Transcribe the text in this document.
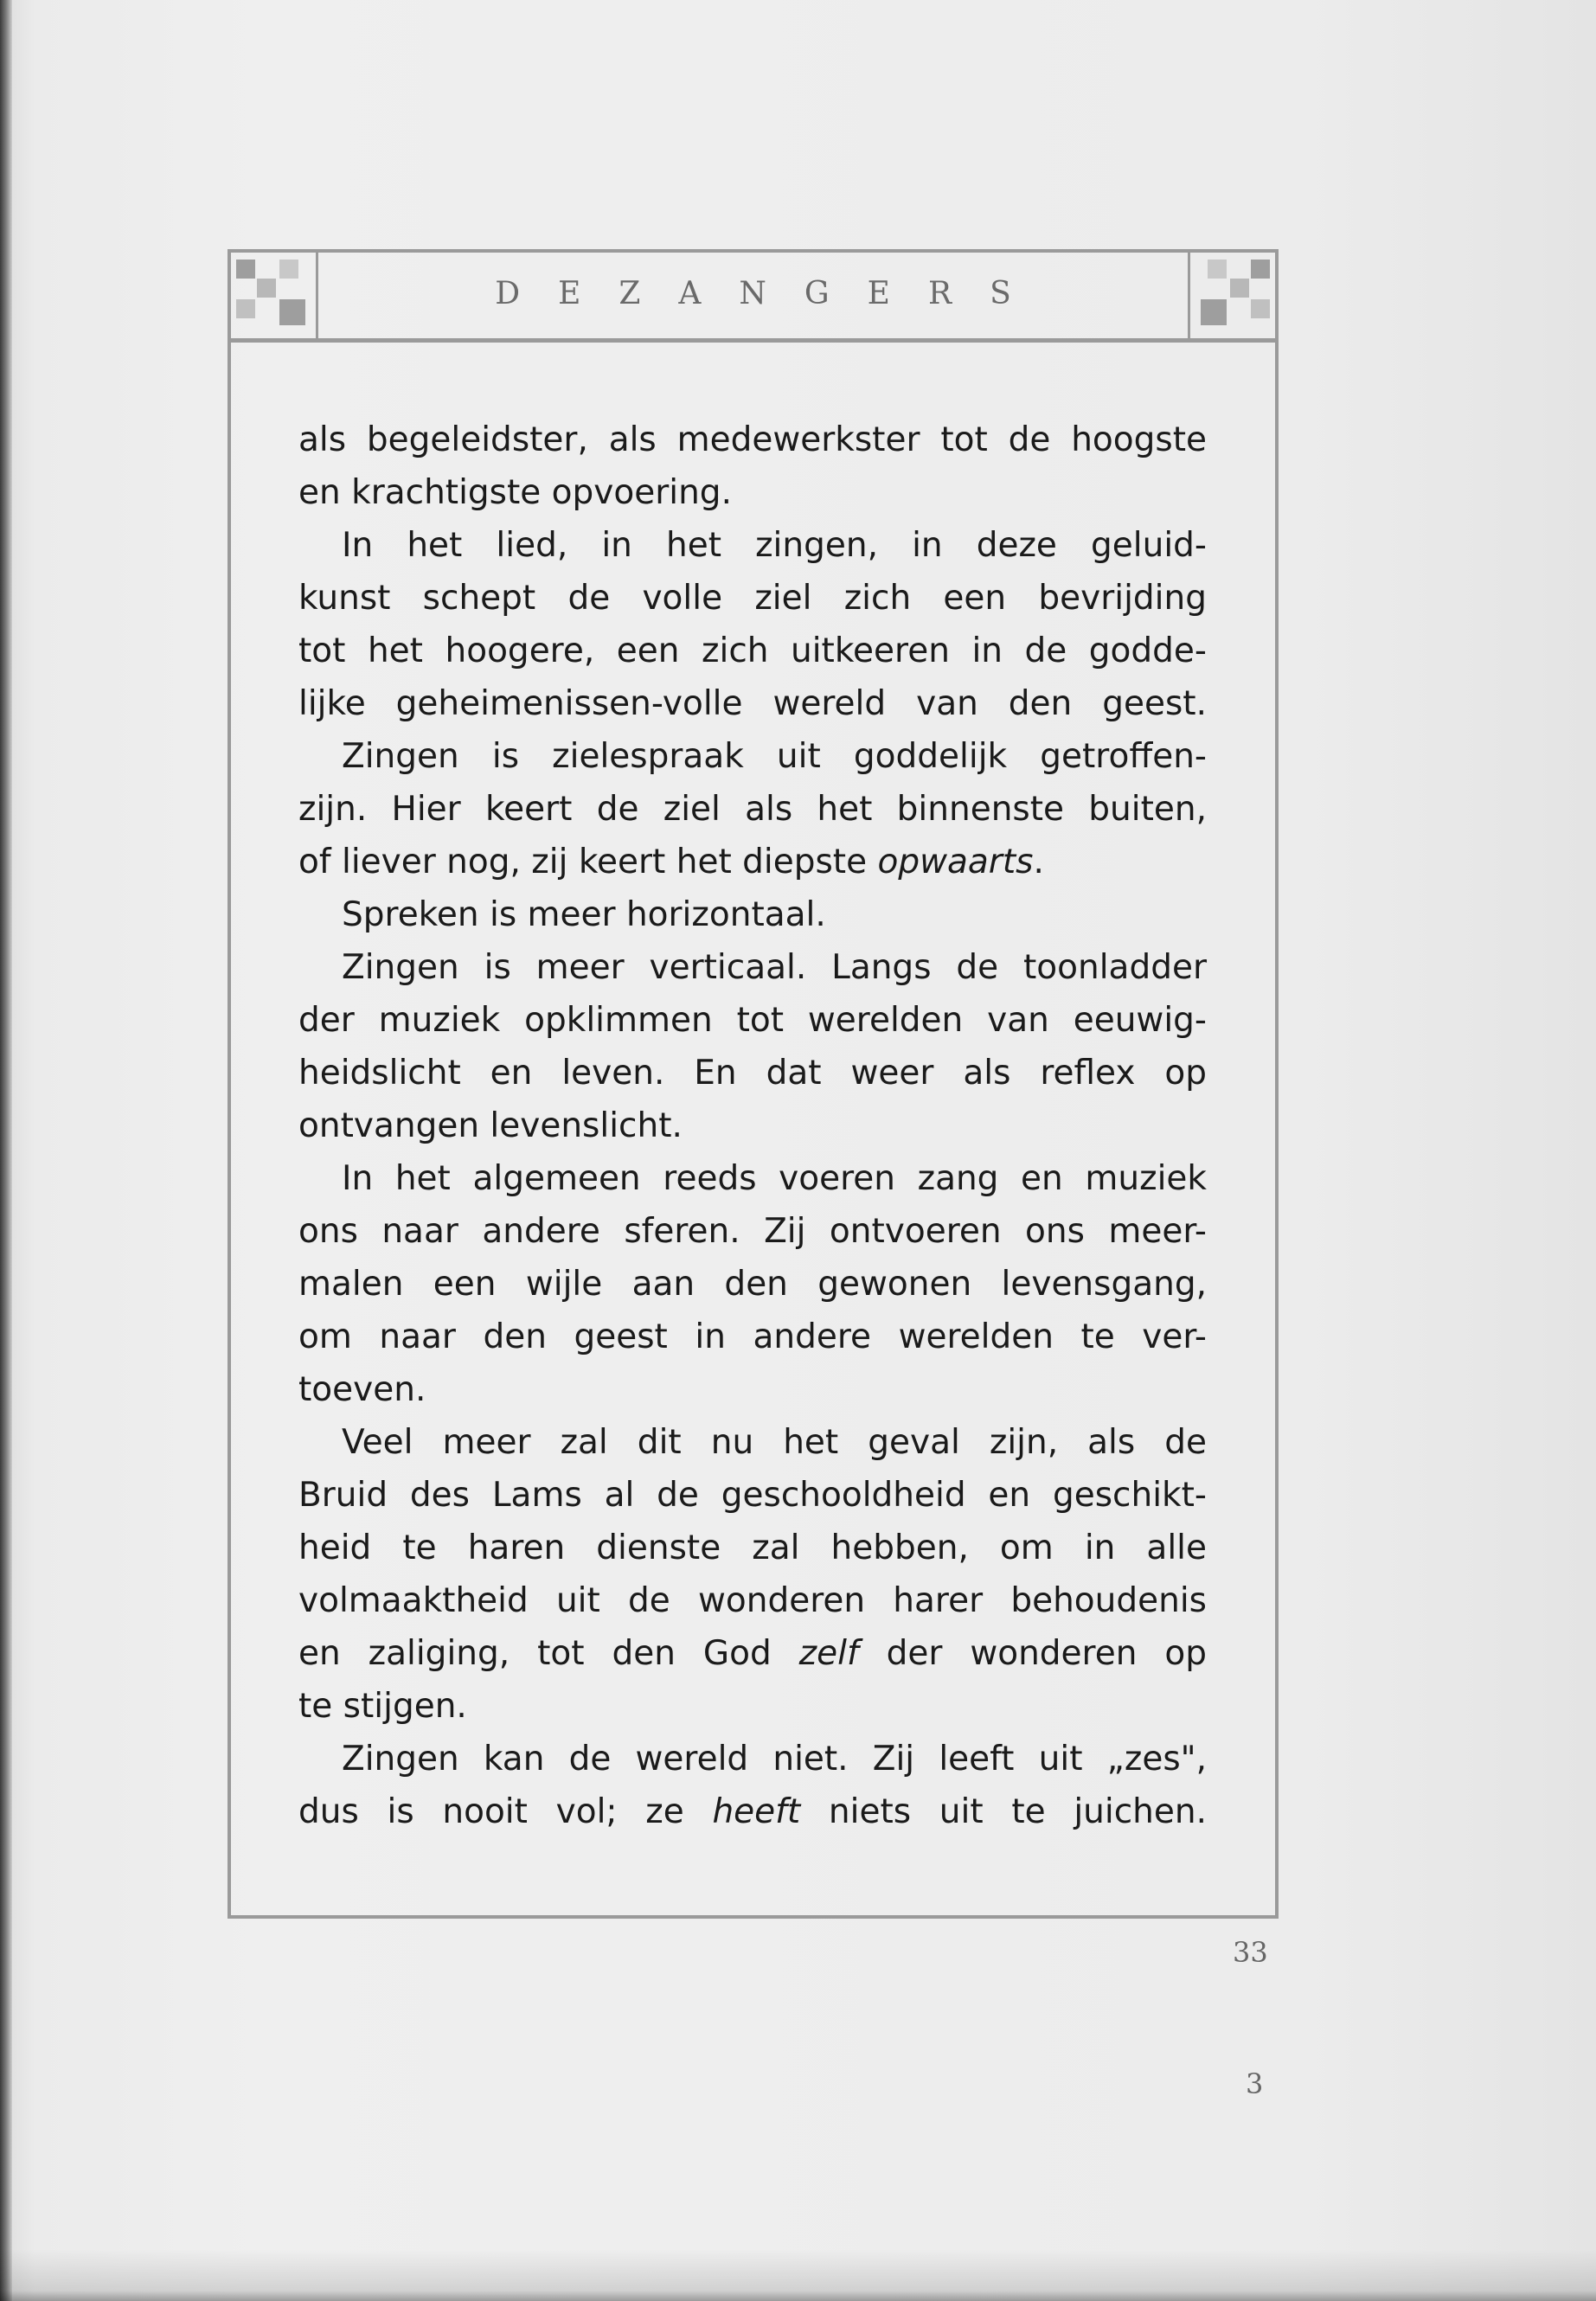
DEZANGERS
als begeleidster, als medewerkster tot de hoogste
en krachtigste opvoering.
In het lied, in het zingen, in deze geluid-
kunst schept de volle ziel zich een bevrijding
tot het hoogere, een zich uitkeeren in de godde-
lijke geheimenissen-volle wereld van den geest.
Zingen is zielespraak uit goddelijk getroffen-
zijn. Hier keert de ziel als het binnenste buiten,
of liever nog, zij keert het diepste opwaarts.
Spreken is meer horizontaal.
Zingen is meer verticaal. Langs de toonladder
der muziek opklimmen tot werelden van eeuwig-
heidslicht en leven. En dat weer als reflex op
ontvangen levenslicht.
In het algemeen reeds voeren zang en muziek
ons naar andere sferen. Zij ontvoeren ons meer-
malen een wijle aan den gewonen levensgang,
om naar den geest in andere werelden te ver-
toeven.
Veel meer zal dit nu het geval zijn, als de
Bruid des Lams al de geschooldheid en geschikt-
heid te haren dienste zal hebben, om in alle
volmaaktheid uit de wonderen harer behoudenis
en zaliging, tot den God zelf der wonderen op
te stijgen.
Zingen kan de wereld niet. Zij leeft uit „zes",
dus is nooit vol; ze heeft niets uit te juichen.
33
3
